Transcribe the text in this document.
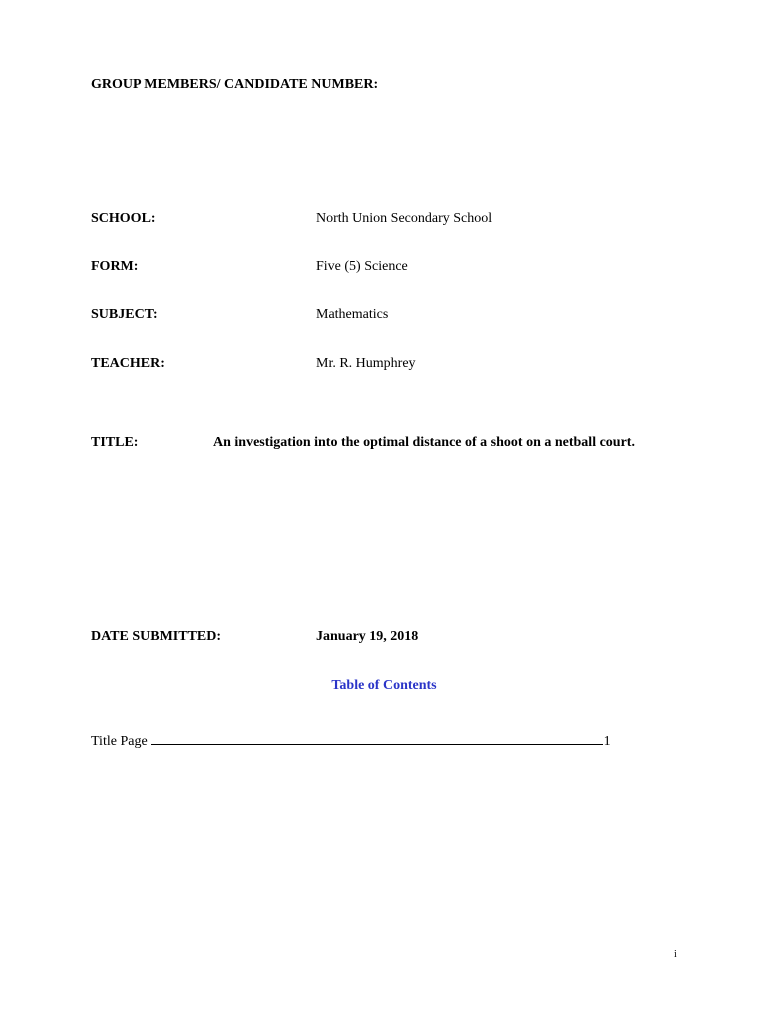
GROUP MEMBERS/ CANDIDATE NUMBER:
SCHOOL:	North Union Secondary School
FORM:	Five (5) Science
SUBJECT:	Mathematics
TEACHER:	Mr. R. Humphrey
TITLE:	An investigation into the optimal distance of a shoot on a netball court.
DATE SUBMITTED:	January 19, 2018
Table of Contents
Title Page	1
i
